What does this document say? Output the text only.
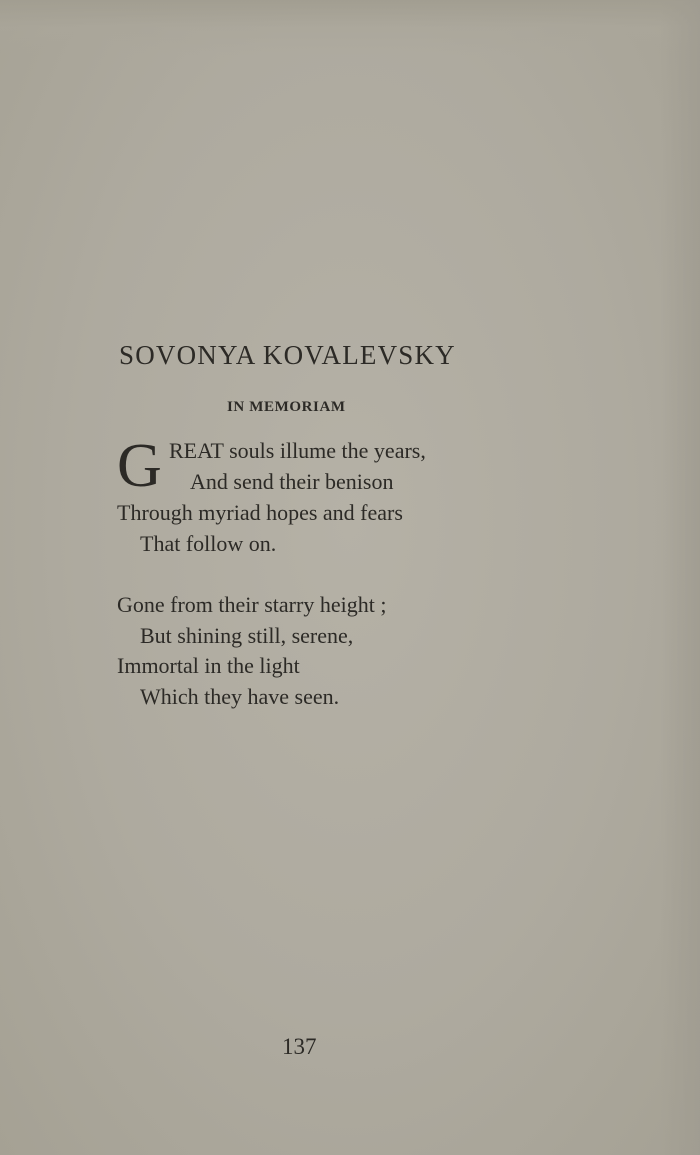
SOVONYA KOVALEVSKY
IN MEMORIAM
G REAT souls illume the years,
And send their benison
Through myriad hopes and fears
That follow on.
Gone from their starry height ;
But shining still, serene,
Immortal in the light
Which they have seen.
137
